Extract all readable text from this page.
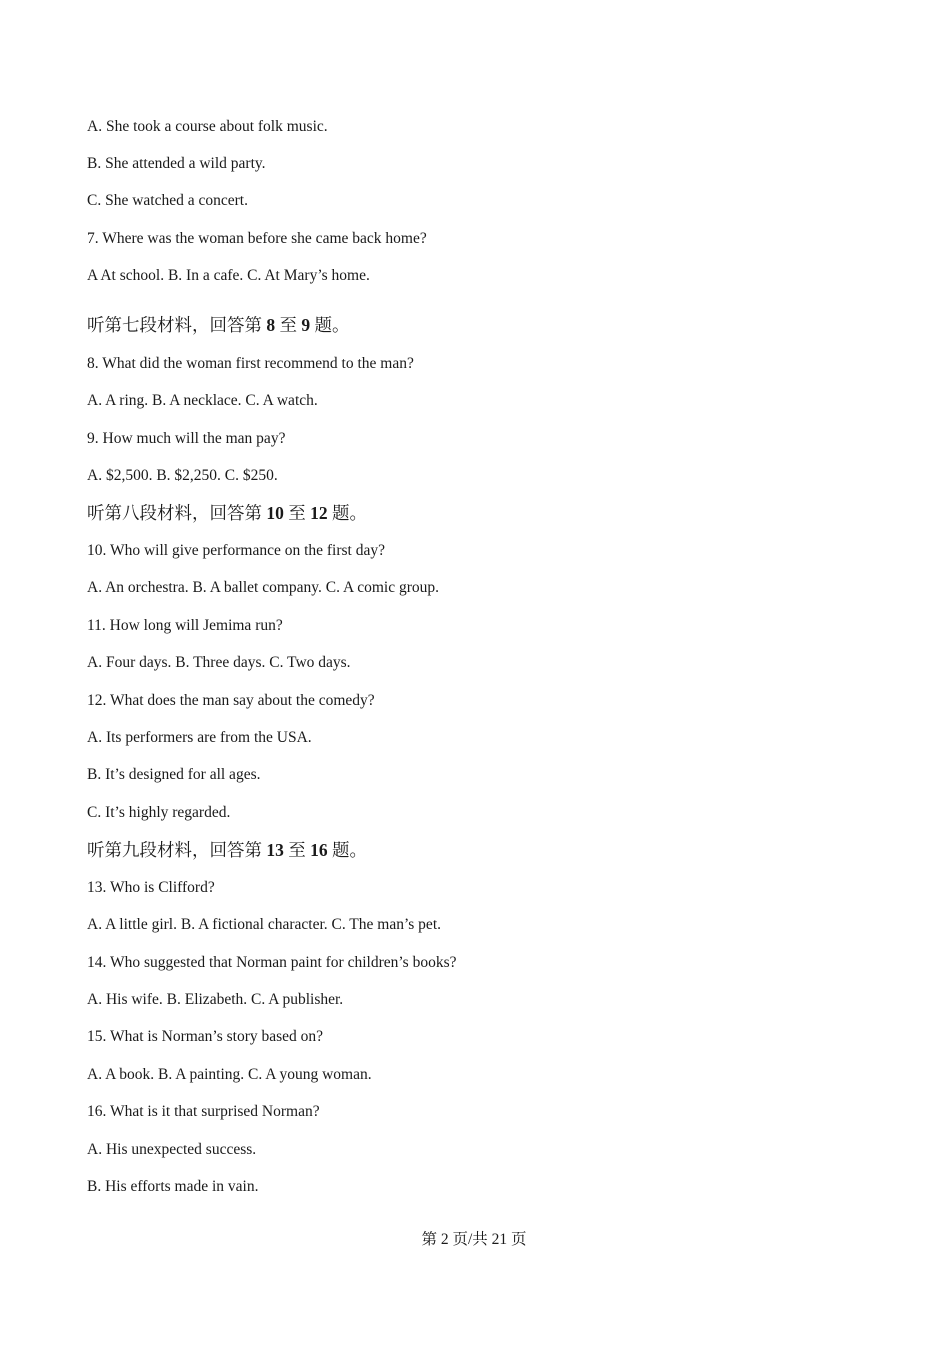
A. She took a course about folk music.
B. She attended a wild party.
C. She watched a concert.
7. Where was the woman before she came back home?
A At school. B. In a cafe. C. At Mary’s home.
听第七段材料，回答第 8 至 9 题。
8. What did the woman first recommend to the man?
A. A ring. B. A necklace. C. A watch.
9. How much will the man pay?
A. $2,500. B. $2,250. C. $250.
听第八段材料，回答第 10 至 12 题。
10. Who will give performance on the first day?
A. An orchestra. B. A ballet company. C. A comic group.
11. How long will Jemima run?
A. Four days. B. Three days. C. Two days.
12. What does the man say about the comedy?
A. Its performers are from the USA.
B. It’s designed for all ages.
C. It’s highly regarded.
听第九段材料，回答第 13 至 16 题。
13. Who is Clifford?
A. A little girl. B. A fictional character. C. The man’s pet.
14. Who suggested that Norman paint for children’s books?
A. His wife. B. Elizabeth. C. A publisher.
15. What is Norman’s story based on?
A. A book. B. A painting. C. A young woman.
16. What is it that surprised Norman?
A. His unexpected success.
B. His efforts made in vain.
第 2 页/共 21 页
